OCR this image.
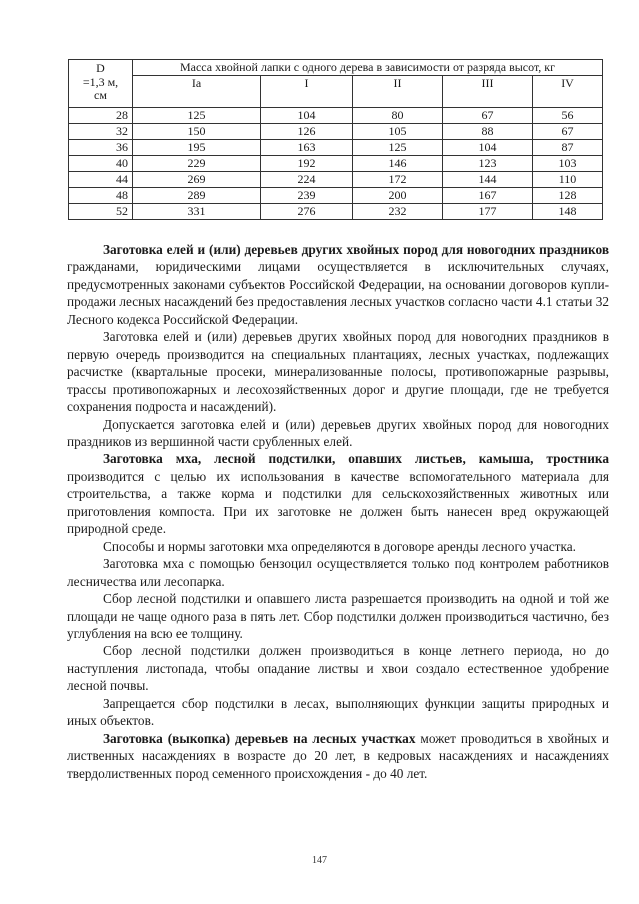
D
=1,3 м,
см	Масса хвойной лапки с одного дерева в зависимости от разряда высот, кг				
	Ia	I	II	III	IV
28	125	104	80	67	56
32	150	126	105	88	67
36	195	163	125	104	87
40	229	192	146	123	103
44	269	224	172	144	110
48	289	239	200	167	128
52	331	276	232	177	148

Заготовка елей и (или) деревьев других хвойных пород для новогодних праздников гражданами, юридическими лицами осуществляется в исключительных случаях, предусмотренных законами субъектов Российской Федерации, на основании договоров купли-продажи лесных насаждений без предоставления лесных участков согласно части 4.1 статьи 32 Лесного кодекса Российской Федерации.

Заготовка елей и (или) деревьев других хвойных пород для новогодних праздников в первую очередь производится на специальных плантациях, лесных участках, подлежащих расчистке (квартальные просеки, минерализованные полосы, противопожарные разрывы, трассы противопожарных и лесохозяйственных дорог и другие площади, где не требуется сохранения подроста и насаждений).

Допускается заготовка елей и (или) деревьев других хвойных пород для новогодних праздников из вершинной части срубленных елей.

Заготовка мха, лесной подстилки, опавших листьев, камыша, тростника производится с целью их использования в качестве вспомогательного материала для строительства, а также корма и подстилки для сельскохозяйственных животных или приготовления компоста. При их заготовке не должен быть нанесен вред окружающей природной среде.

Способы и нормы заготовки мха определяются в договоре аренды лесного участка.

Заготовка мха с помощью бензоцил осуществляется только под контролем работников лесничества или лесопарка.

Сбор лесной подстилки и опавшего листа разрешается производить на одной и той же площади не чаще одного раза в пять лет. Сбор подстилки должен производиться частично, без углубления на всю ее толщину.

Сбор лесной подстилки должен производиться в конце летнего периода, но до наступления листопада, чтобы опадание листвы и хвои создало естественное удобрение лесной почвы.

Запрещается сбор подстилки в лесах, выполняющих функции защиты природных и иных объектов.

Заготовка (выкопка) деревьев на лесных участках может проводиться в хвойных и лиственных насаждениях в возрасте до 20 лет, в кедровых насаждениях и насаждениях твердолиственных пород семенного происхождения - до 40 лет.

147
